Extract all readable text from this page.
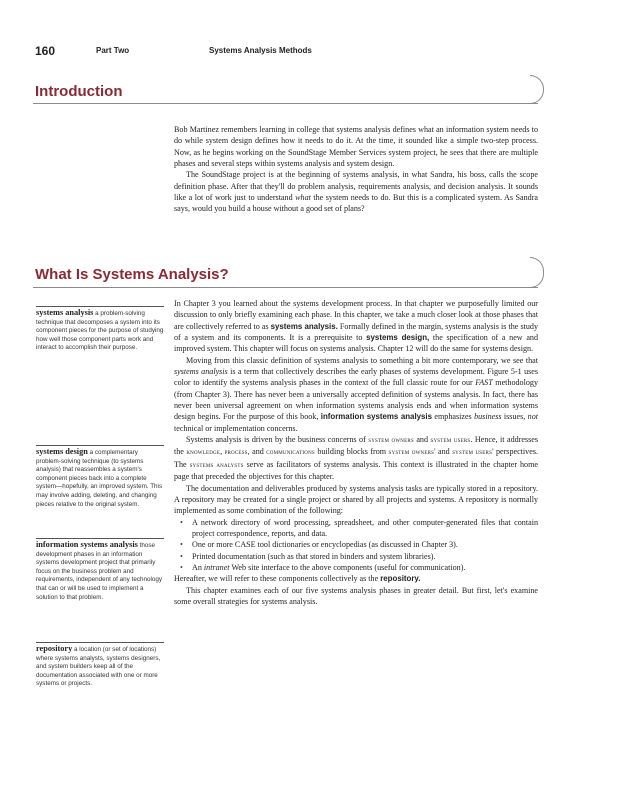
160	Part Two	Systems Analysis Methods
Introduction

Bob Martinez remembers learning in college that systems analysis defines what an information system needs to do while system design defines how it needs to do it. At the time, it sounded like a simple two-step process. Now, as he begins working on the SoundStage Member Services system project, he sees that there are multiple phases and several steps within systems analysis and system design.

The SoundStage project is at the beginning of systems analysis, in what Sandra, his boss, calls the scope definition phase. After that they'll do problem analysis, requirements analysis, and decision analysis. It sounds like a lot of work just to understand what the system needs to do. But this is a complicated system. As Sandra says, would you build a house without a good set of plans?

What Is Systems Analysis?

In Chapter 3 you learned about the systems development process. In that chapter we purposefully limited our discussion to only briefly examining each phase. In this chapter, we take a much closer look at those phases that are collectively referred to as systems analysis. Formally defined in the margin, systems analysis is the study of a system and its components. It is a prerequisite to systems design, the specification of a new and improved system. This chapter will focus on systems analysis. Chapter 12 will do the same for systems design.

Moving from this classic definition of systems analysis to something a bit more contemporary, we see that systems analysis is a term that collectively describes the early phases of systems development. Figure 5-1 uses color to identify the systems analysis phases in the context of the full classic route for our FAST methodology (from Chapter 3). There has never been a universally accepted definition of systems analysis. In fact, there has never been universal agreement on when information systems analysis ends and when information systems design begins. For the purpose of this book, information systems analysis emphasizes business issues, not technical or implementation concerns.

Systems analysis is driven by the business concerns of system owners and system users. Hence, it addresses the knowledge, process, and communications building blocks from system owners' and system users' perspectives. The systems analysts serve as facilitators of systems analysis. This context is illustrated in the chapter home page that preceded the objectives for this chapter.

The documentation and deliverables produced by systems analysis tasks are typically stored in a repository. A repository may be created for a single project or shared by all projects and systems. A repository is normally implemented as some combination of the following:

• A network directory of word processing, spreadsheet, and other computer-generated files that contain project correspondence, reports, and data.
• One or more CASE tool dictionaries or encyclopedias (as discussed in Chapter 3).
• Printed documentation (such as that stored in binders and system libraries).
• An intranet Web site interface to the above components (useful for communication).

Hereafter, we will refer to these components collectively as the repository.

This chapter examines each of our five systems analysis phases in greater detail. But first, let's examine some overall strategies for systems analysis.

systems analysis a problem-solving technique that decomposes a system into its component pieces for the purpose of studying how well those component parts work and interact to accomplish their purpose.
systems design a complementary problem-solving technique (to systems analysis) that reassembles a system's component pieces back into a complete system—hopefully, an improved system. This may involve adding, deleting, and changing pieces relative to the original system.
information systems analysis those development phases in an information systems development project that primarily focus on the business problem and requirements, independent of any technology that can or will be used to implement a solution to that problem.
repository a location (or set of locations) where systems analysts, systems designers, and system builders keep all of the documentation associated with one or more systems or projects.
